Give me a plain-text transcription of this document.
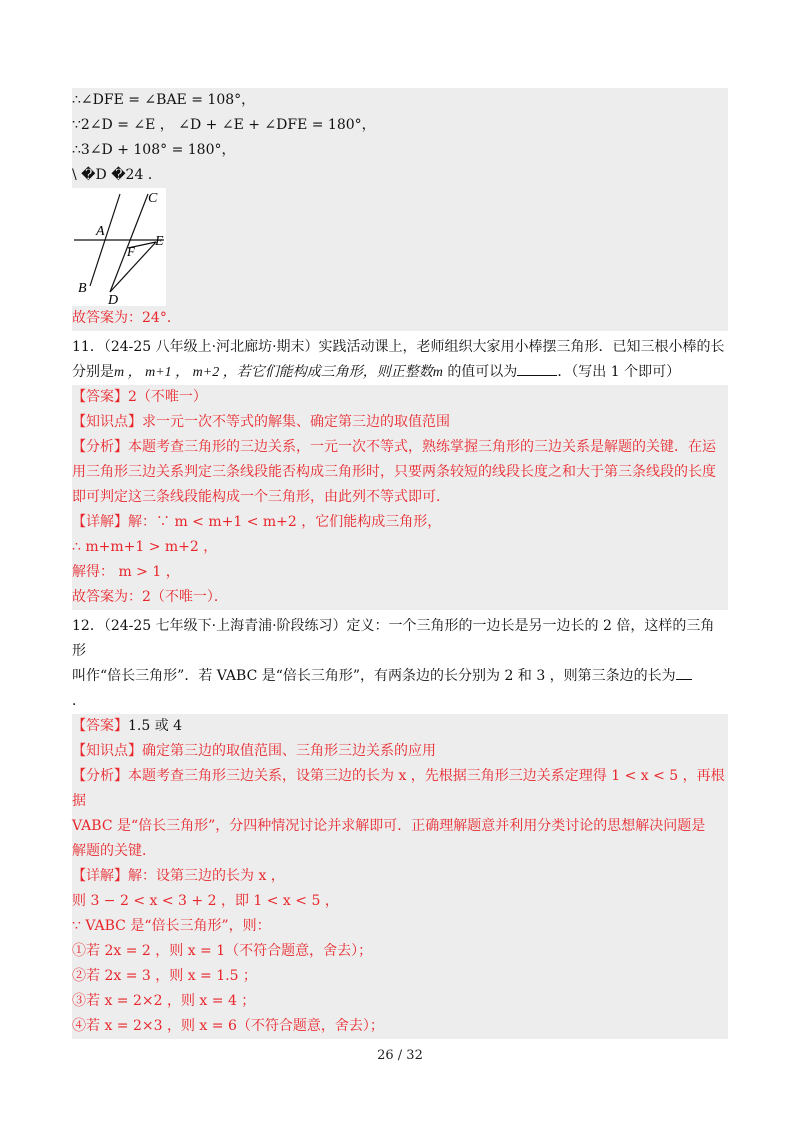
∴∠DFE = ∠BAE = 108°，
∵2∠D = ∠E ， ∠D + ∠E + ∠DFE = 180°，
∴3∠D + 108° = 180°，
\ �D �24 ．
C
A
E
F
B
D
故答案为：24°．
11．（24-25 八年级上·河北廊坊·期末）实践活动课上，老师组织大家用小棒摆三角形．已知三根小棒的长
分别是m ， m+1 ， m+2 ，若它们能构成三角形，则正整数m 的值可以为	．（写出 1 个即可）
【答案】2（不唯一）
【知识点】求一元一次不等式的解集、确定第三边的取值范围
【分析】本题考查三角形的三边关系，一元一次不等式，熟练掌握三角形的三边关系是解题的关键．在运
用三角形三边关系判定三条线段能否构成三角形时，只要两条较短的线段长度之和大于第三条线段的长度
即可判定这三条线段能构成一个三角形，由此列不等式即可．
【详解】解：∵ m < m+1 < m+2 ，它们能构成三角形，
∴ m+m+1 > m+2 ，
解得： m > 1 ，
故答案为：2（不唯一）．
12．（24-25 七年级下·上海青浦·阶段练习）定义：一个三角形的一边长是另一边长的 2 倍，这样的三角形
叫作“倍长三角形”．若 VABC 是“倍长三角形”，有两条边的长分别为 2 和 3 ，则第三条边的长为
．
【答案】1.5 或 4
【知识点】确定第三边的取值范围、三角形三边关系的应用
【分析】本题考查三角形三边关系，设第三边的长为 x ，先根据三角形三边关系定理得 1 < x < 5 ，再根据
VABC 是“倍长三角形”，分四种情况讨论并求解即可．正确理解题意并利用分类讨论的思想解决问题是
解题的关键．
【详解】解：设第三边的长为 x ，
则 3 − 2 < x < 3 + 2 ，即 1 < x < 5 ，
∵ VABC 是“倍长三角形”，则：
①若 2x = 2 ，则 x = 1（不符合题意，舍去）；
②若 2x = 3 ，则 x = 1.5 ；
③若 x = 2×2 ，则 x = 4 ；
④若 x = 2×3 ，则 x = 6（不符合题意，舍去）；
26 / 32
